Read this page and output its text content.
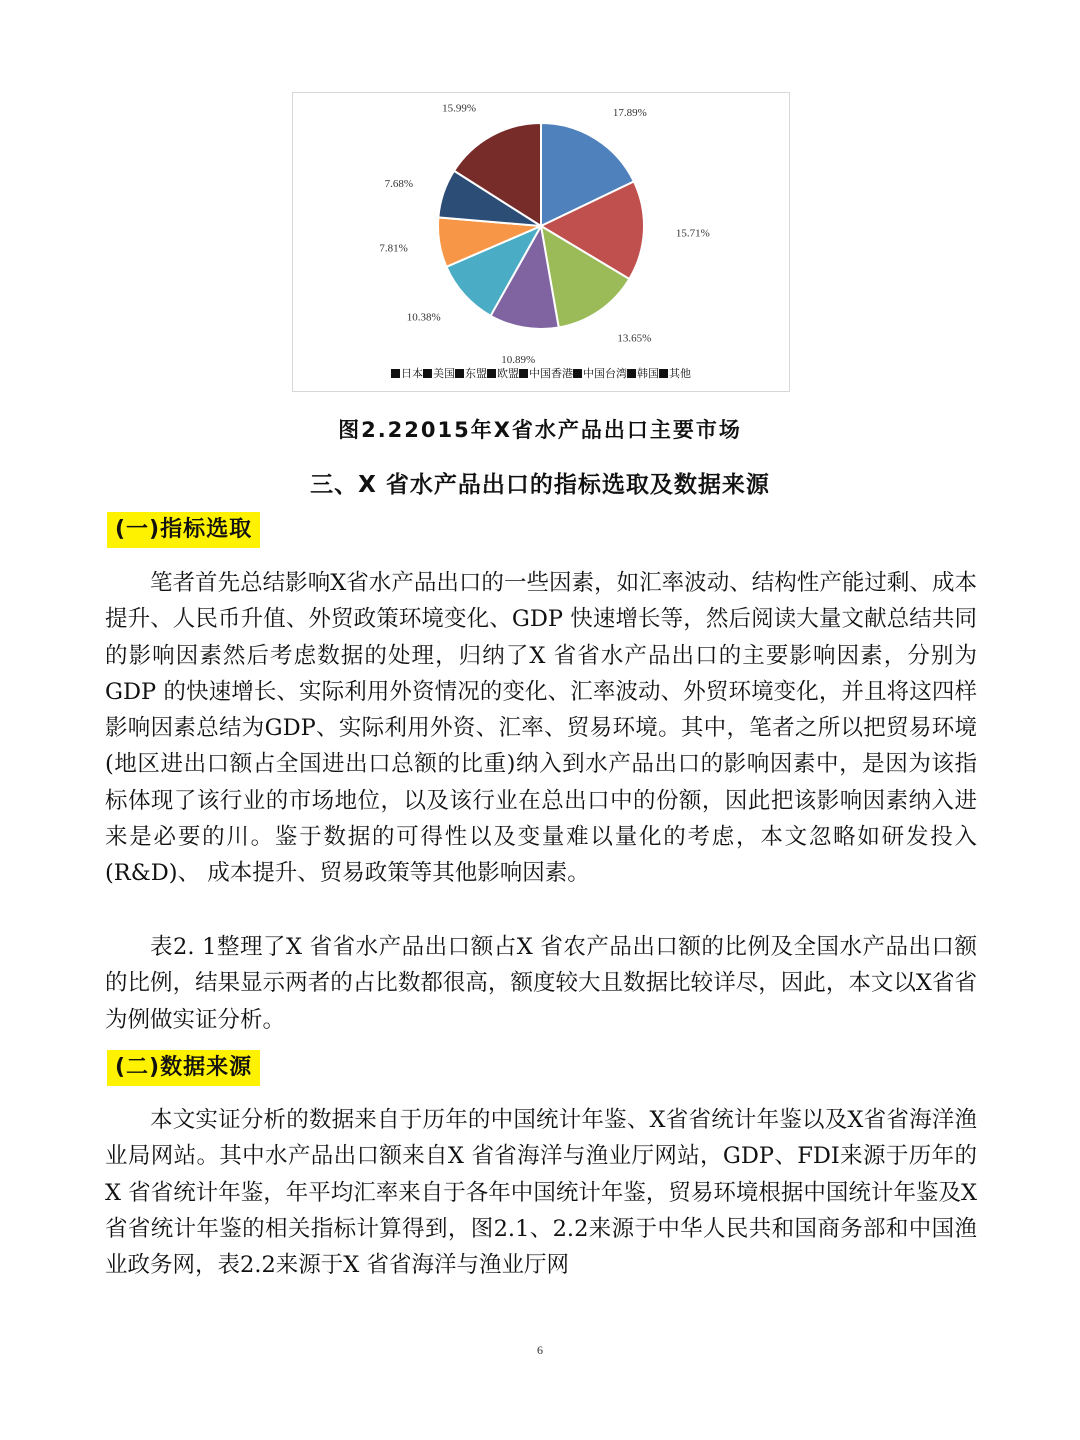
17.89%
15.71%
13.65%
10.89%
10.38%
7.81%
7.68%
15.99%
日本 美国 东盟 欧盟 中国香港 中国台湾 韩国 其他
图2.22015年X省水产品出口主要市场
三、X 省水产品出口的指标选取及数据来源
(一)指标选取

笔者首先总结影响X省水产品出口的一些因素，如汇率波动、结构性产能过剩、成本提升、人民币升值、外贸政策环境变化、GDP 快速增长等，然后阅读大量文献总结共同的影响因素然后考虑数据的处理，归纳了X 省省水产品出口的主要影响因素，分别为GDP 的快速增长、实际利用外资情况的变化、汇率波动、外贸环境变化，并且将这四样影响因素总结为GDP、实际利用外资、汇率、贸易环境。其中，笔者之所以把贸易环境(地区进出口额占全国进出口总额的比重)纳入到水产品出口的影响因素中，是因为该指标体现了该行业的市场地位，以及该行业在总出口中的份额，因此把该影响因素纳入进来是必要的川。鉴于数据的可得性以及变量难以量化的考虑，本文忽略如研发投入(R&D)、 成本提升、贸易政策等其他影响因素。

表2. 1整理了X 省省水产品出口额占X 省农产品出口额的比例及全国水产品出口额的比例，结果显示两者的占比数都很高，额度较大且数据比较详尽，因此，本文以X省省为例做实证分析。

(二)数据来源

本文实证分析的数据来自于历年的中国统计年鉴、X省省统计年鉴以及X省省海洋渔业局网站。其中水产品出口额来自X 省省海洋与渔业厅网站，GDP、FDI来源于历年的X 省省统计年鉴，年平均汇率来自于各年中国统计年鉴，贸易环境根据中国统计年鉴及X 省省统计年鉴的相关指标计算得到，图2.1、2.2来源于中华人民共和国商务部和中国渔业政务网，表2.2来源于X 省省海洋与渔业厅网

6
